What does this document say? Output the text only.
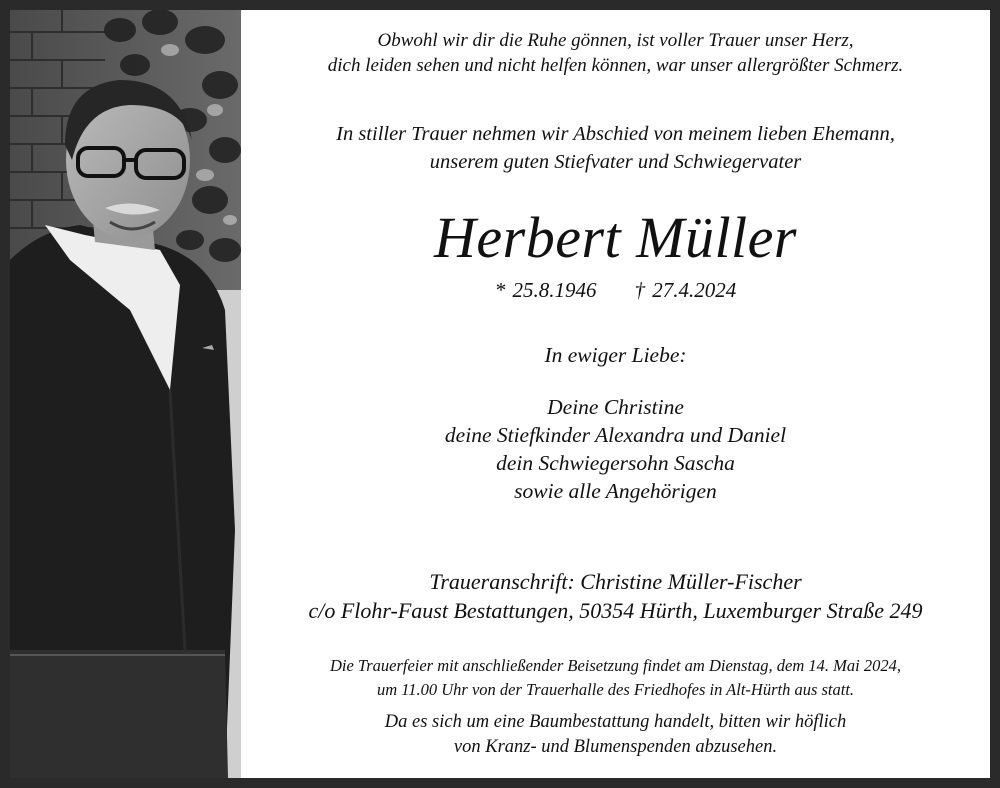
Obwohl wir dir die Ruhe gönnen, ist voller Trauer unser Herz,
dich leiden sehen und nicht helfen können, war unser allergrößter Schmerz.
In stiller Trauer nehmen wir Abschied von meinem lieben Ehemann,
unserem guten Stiefvater und Schwiegervater
Herbert Müller
* 25.8.1946 † 27.4.2024
In ewiger Liebe:
Deine Christine
deine Stiefkinder Alexandra und Daniel
dein Schwiegersohn Sascha
sowie alle Angehörigen
Traueranschrift: Christine Müller-Fischer
c/o Flohr-Faust Bestattungen, 50354 Hürth, Luxemburger Straße 249
Die Trauerfeier mit anschließender Beisetzung findet am Dienstag, dem 14. Mai 2024,
um 11.00 Uhr von der Trauerhalle des Friedhofes in Alt-Hürth aus statt.
Da es sich um eine Baumbestattung handelt, bitten wir höflich
von Kranz- und Blumenspenden abzusehen.
